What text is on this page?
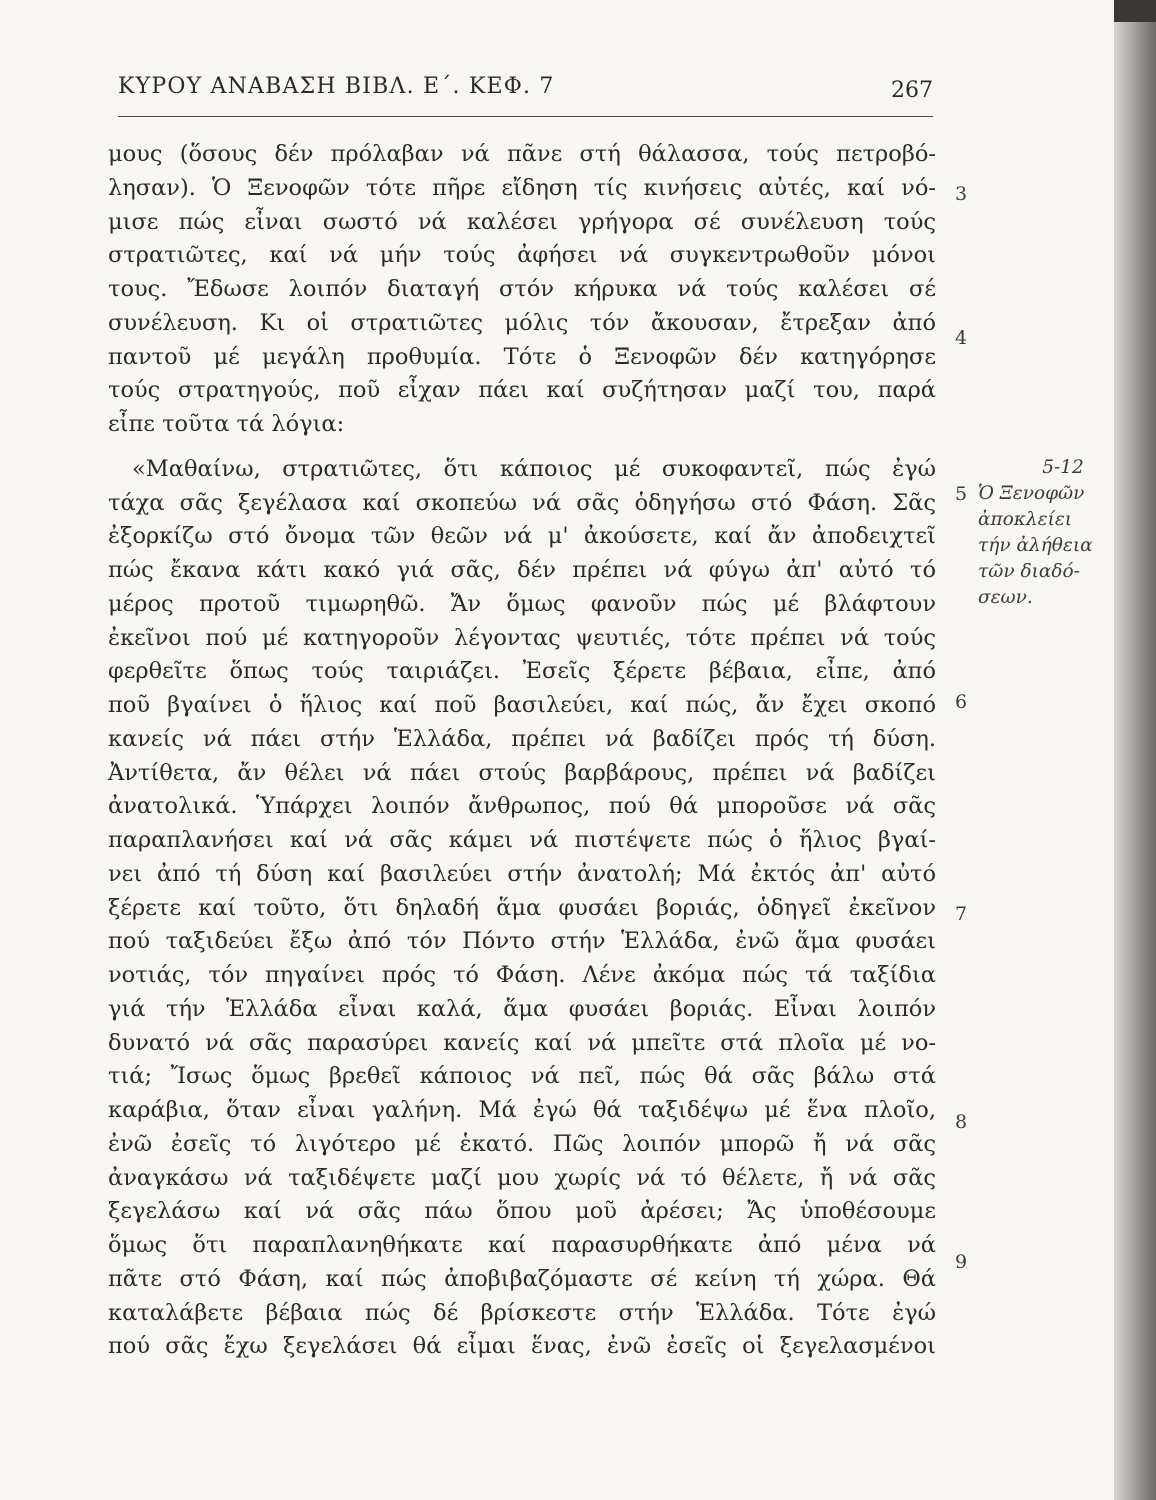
ΚΥΡΟΥ ΑΝΑΒΑΣΗ ΒΙΒΛ. Ε΄. ΚΕΦ. 7	267
μους (ὅσους δέν πρόλαβαν νά πᾶνε στή θάλασσα, τούς πετροβό-
λησαν). Ὁ Ξενοφῶν τότε πῆρε εἴδηση τίς κινήσεις αὐτές, καί νό-
μισε πώς εἶναι σωστό νά καλέσει γρήγορα σέ συνέλευση τούς
στρατιῶτες, καί νά μήν τούς ἀφήσει νά συγκεντρωθοῦν μόνοι
τους. Ἔδωσε λοιπόν διαταγή στόν κήρυκα νά τούς καλέσει σέ
συνέλευση. Κι οἱ στρατιῶτες μόλις τόν ἄκουσαν, ἔτρεξαν ἀπό
παντοῦ μέ μεγάλη προθυμία. Τότε ὁ Ξενοφῶν δέν κατηγόρησε
τούς στρατηγούς, ποῦ εἶχαν πάει καί συζήτησαν μαζί του, παρά
εἶπε τοῦτα τά λόγια:
«Μαθαίνω, στρατιῶτες, ὅτι κάποιος μέ συκοφαντεῖ, πώς ἐγώ
τάχα σᾶς ξεγέλασα καί σκοπεύω νά σᾶς ὁδηγήσω στό Φάση. Σᾶς
ἐξορκίζω στό ὄνομα τῶν θεῶν νά μ' ἀκούσετε, καί ἄν ἀποδειχτεῖ
πώς ἔκανα κάτι κακό γιά σᾶς, δέν πρέπει νά φύγω ἀπ' αὐτό τό
μέρος προτοῦ τιμωρηθῶ. Ἄν ὅμως φανοῦν πώς μέ βλάφτουν
ἐκεῖνοι πού μέ κατηγοροῦν λέγοντας ψευτιές, τότε πρέπει νά τούς
φερθεῖτε ὅπως τούς ταιριάζει. Ἐσεῖς ξέρετε βέβαια, εἶπε, ἀπό
ποῦ βγαίνει ὁ ἥλιος καί ποῦ βασιλεύει, καί πώς, ἄν ἔχει σκοπό
κανείς νά πάει στήν Ἑλλάδα, πρέπει νά βαδίζει πρός τή δύση.
Ἀντίθετα, ἄν θέλει νά πάει στούς βαρβάρους, πρέπει νά βαδίζει
ἀνατολικά. Ὑπάρχει λοιπόν ἄνθρωπος, πού θά μποροῦσε νά σᾶς
παραπλανήσει καί νά σᾶς κάμει νά πιστέψετε πώς ὁ ἥλιος βγαί-
νει ἀπό τή δύση καί βασιλεύει στήν ἀνατολή; Μά ἐκτός ἀπ' αὐτό
ξέρετε καί τοῦτο, ὅτι δηλαδή ἅμα φυσάει βοριάς, ὁδηγεῖ ἐκεῖνον
πού ταξιδεύει ἔξω ἀπό τόν Πόντο στήν Ἑλλάδα, ἐνῶ ἅμα φυσάει
νοτιάς, τόν πηγαίνει πρός τό Φάση. Λένε ἀκόμα πώς τά ταξίδια
γιά τήν Ἑλλάδα εἶναι καλά, ἅμα φυσάει βοριάς. Εἶναι λοιπόν
δυνατό νά σᾶς παρασύρει κανείς καί νά μπεῖτε στά πλοῖα μέ νο-
τιά; Ἴσως ὅμως βρεθεῖ κάποιος νά πεῖ, πώς θά σᾶς βάλω στά
καράβια, ὅταν εἶναι γαλήνη. Μά ἐγώ θά ταξιδέψω μέ ἕνα πλοῖο,
ἐνῶ ἐσεῖς τό λιγότερο μέ ἑκατό. Πῶς λοιπόν μπορῶ ἤ νά σᾶς
ἀναγκάσω νά ταξιδέψετε μαζί μου χωρίς νά τό θέλετε, ἤ νά σᾶς
ξεγελάσω καί νά σᾶς πάω ὅπου μοῦ ἀρέσει; Ἄς ὑποθέσουμε
ὅμως ὅτι παραπλανηθήκατε καί παρασυρθήκατε ἀπό μένα νά
πᾶτε στό Φάση, καί πώς ἀποβιβαζόμαστε σέ κείνη τή χώρα. Θά
καταλάβετε βέβαια πώς δέ βρίσκεστε στήν Ἑλλάδα. Τότε ἐγώ
πού σᾶς ἔχω ξεγελάσει θά εἶμαι ἕνας, ἐνῶ ἐσεῖς οἱ ξεγελασμένοι
3
4
5
6
7
8
9
5-12
Ὁ Ξενοφῶν
ἀποκλείει
τήν ἀλήθεια
τῶν διαδό-
σεων.
